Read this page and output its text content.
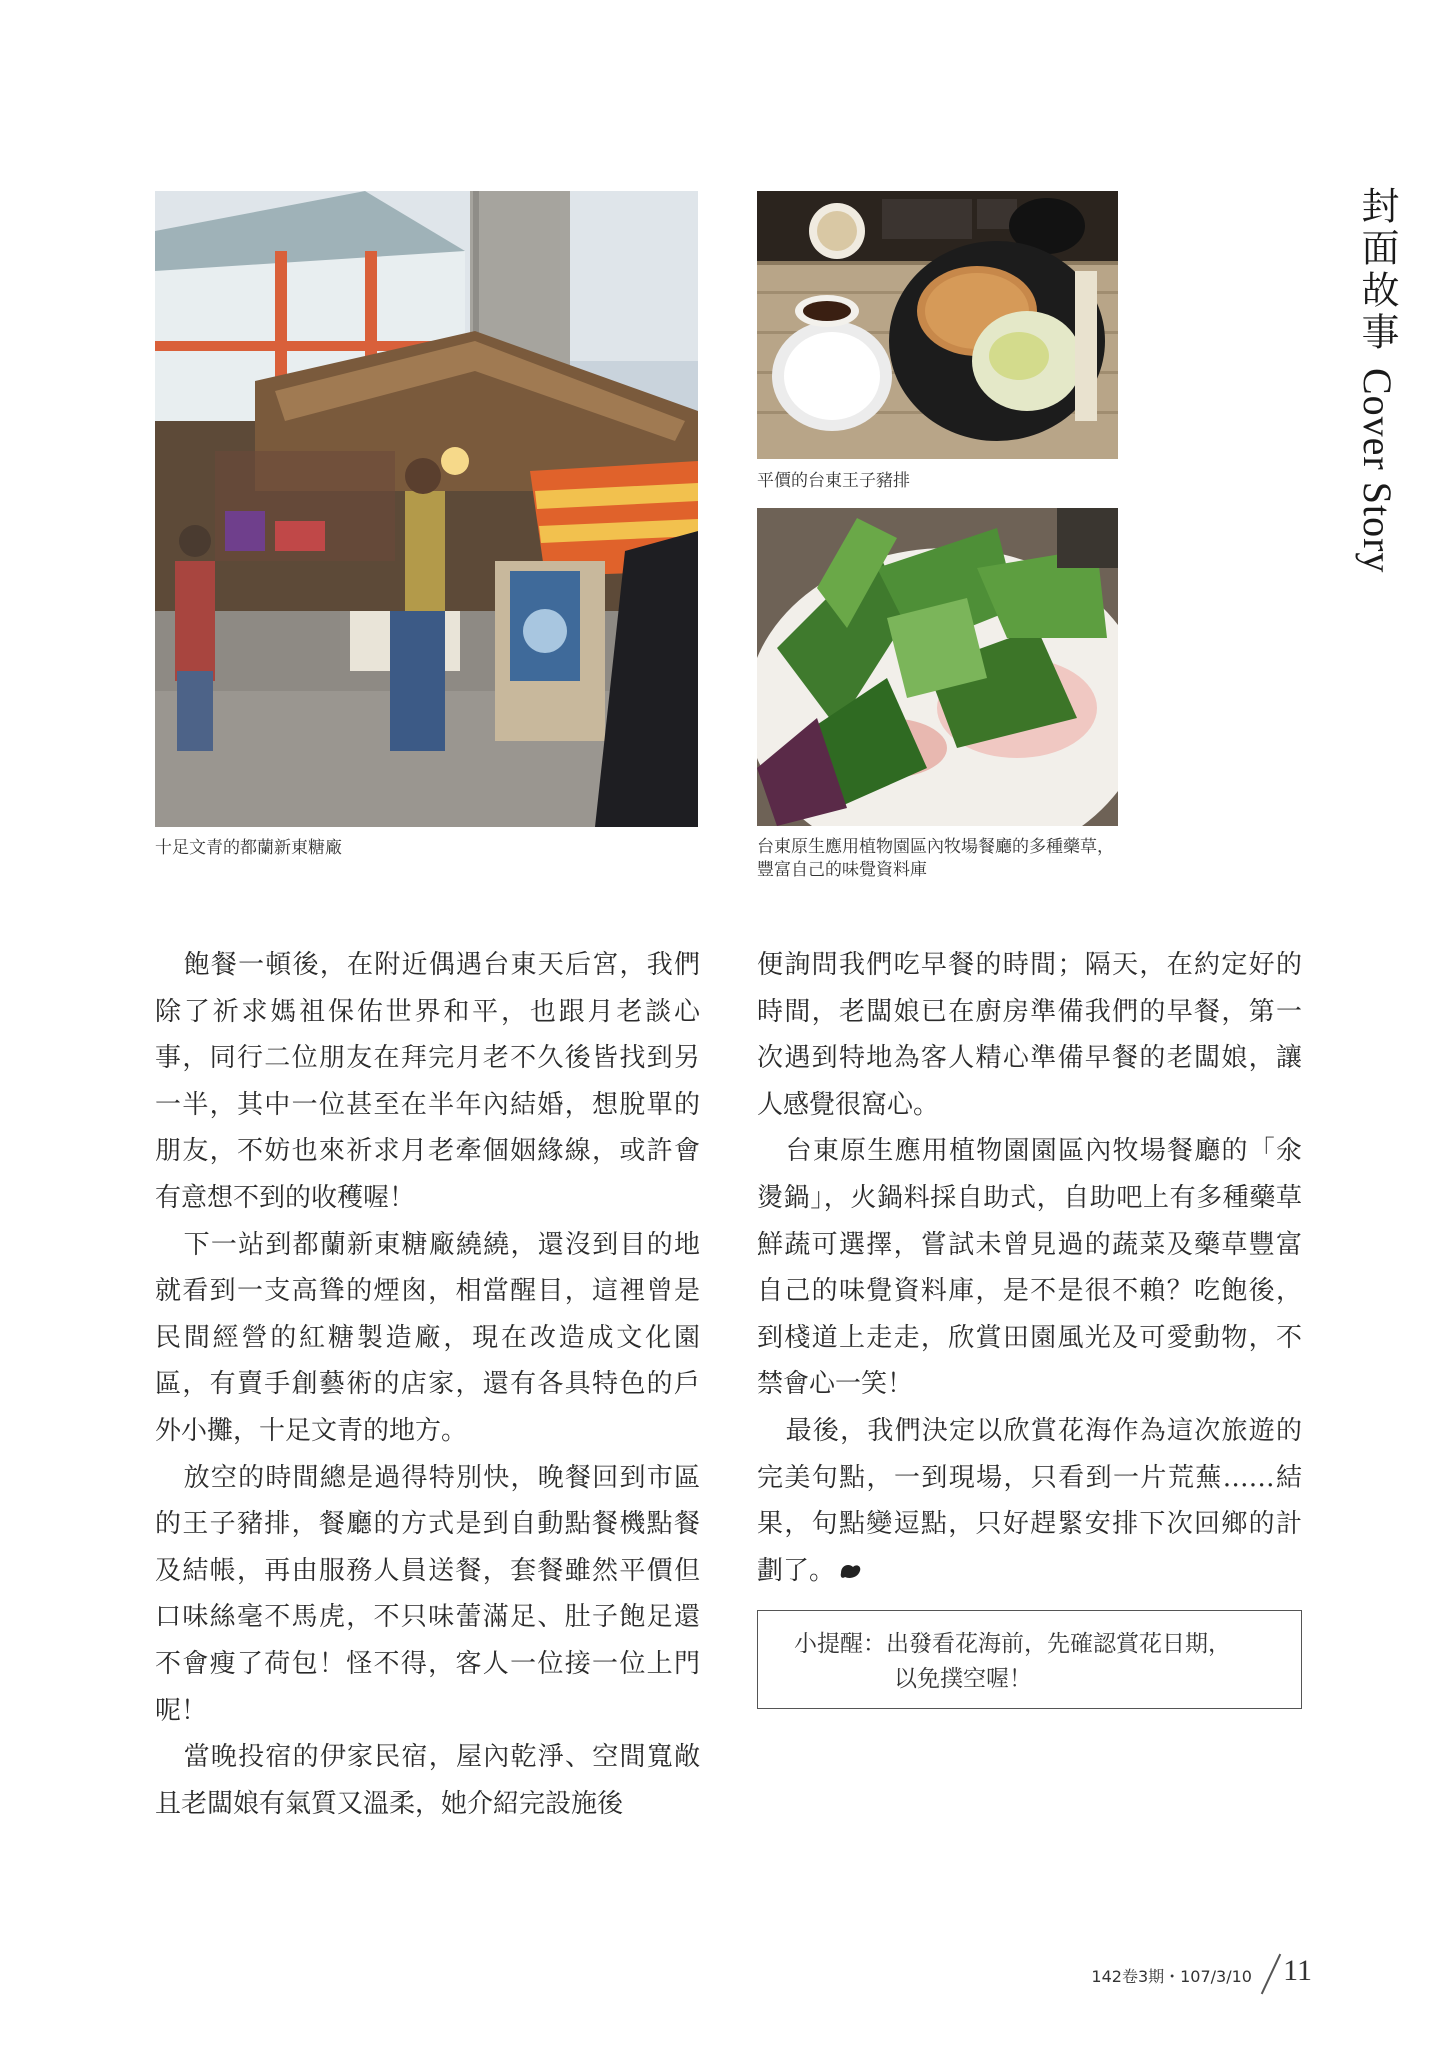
封面故事Cover Story
十足文青的都蘭新東糖廠
平價的台東王子豬排
台東原生應用植物園區內牧場餐廳的多種藥草，豐富自己的味覺資料庫

飽餐一頓後，在附近偶遇台東天后宮，我們除了祈求媽祖保佑世界和平，也跟月老談心事，同行二位朋友在拜完月老不久後皆找到另一半，其中一位甚至在半年內結婚，想脫單的朋友，不妨也來祈求月老牽個姻緣線，或許會有意想不到的收穫喔！

下一站到都蘭新東糖廠繞繞，還沒到目的地就看到一支高聳的煙囪，相當醒目，這裡曾是民間經營的紅糖製造廠，現在改造成文化園區，有賣手創藝術的店家，還有各具特色的戶外小攤，十足文青的地方。

放空的時間總是過得特別快，晚餐回到市區的王子豬排，餐廳的方式是到自動點餐機點餐及結帳，再由服務人員送餐，套餐雖然平價但口味絲毫不馬虎，不只味蕾滿足、肚子飽足還不會瘦了荷包！怪不得，客人一位接一位上門呢！

當晚投宿的伊家民宿，屋內乾淨、空間寬敞且老闆娘有氣質又溫柔，她介紹完設施後

便詢問我們吃早餐的時間；隔天，在約定好的時間，老闆娘已在廚房準備我們的早餐，第一次遇到特地為客人精心準備早餐的老闆娘，讓人感覺很窩心。

台東原生應用植物園園區內牧場餐廳的「氽燙鍋」，火鍋料採自助式，自助吧上有多種藥草鮮蔬可選擇，嘗試未曾見過的蔬菜及藥草豐富自己的味覺資料庫，是不是很不賴？吃飽後，到棧道上走走，欣賞田園風光及可愛動物，不禁會心一笑！

最後，我們決定以欣賞花海作為這次旅遊的完美句點，一到現場，只看到一片荒蕪……結果，句點變逗點，只好趕緊安排下次回鄉的計劃了。

小提醒：出發看花海前，先確認賞花日期，
以免撲空喔！
142卷3期・107/3/10 11
